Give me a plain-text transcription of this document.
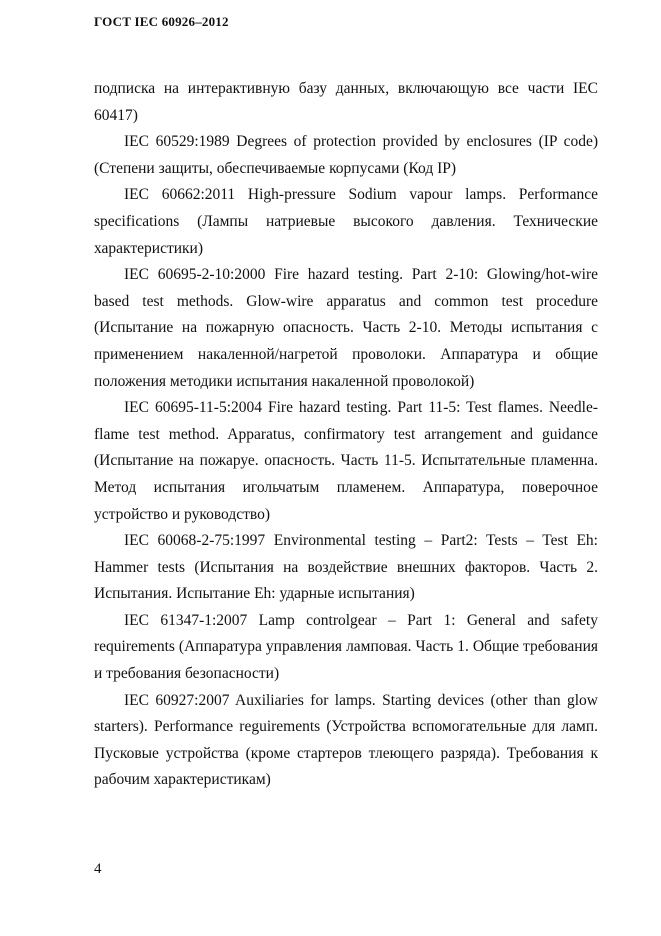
ГОСТ IEC 60926–2012

подписка на интерактивную базу данных, включающую все части IEC 60417)

IEC 60529:1989 Degrees of protection provided by enclosures (IP code) (Степени защиты, обеспечиваемые корпусами (Код IP)

IEC 60662:2011 High-pressure Sodium vapour lamps. Performance specifications (Лампы натриевые высокого давления. Технические характеристики)

IEC 60695-2-10:2000 Fire hazard testing. Part 2-10: Glowing/hot-wire based test methods. Glow-wire apparatus and common test procedure (Испытание на пожарную опасность. Часть 2-10. Методы испытания с применением накаленной/нагретой проволоки. Аппаратура и общие положения методики испытания накаленной проволокой)

IEC 60695-11-5:2004 Fire hazard testing. Part 11-5: Test flames. Needle-flame test method. Apparatus, confirmatory test arrangement and guidance (Испытание на пожаруе. опасность. Часть 11-5. Испытательные пламенна. Метод испытания игольчатым пламенем. Аппаратура, поверочное устройство и руководство)

IEC 60068-2-75:1997 Environmental testing – Part2: Tests – Test Eh: Hammer tests (Испытания на воздействие внешних факторов. Часть 2. Испытания. Испытание Eh: ударные испытания)

IEC 61347-1:2007 Lamp controlgear – Part 1: General and safety requirements (Аппаратура управления ламповая. Часть 1. Общие требования и требования безопасности)

IEC 60927:2007 Auxiliaries for lamps. Starting devices (other than glow starters). Performance reguirements (Устройства вспомогательные для ламп. Пусковые устройства (кроме стартеров тлеющего разряда). Требования к рабочим характеристикам)

4
